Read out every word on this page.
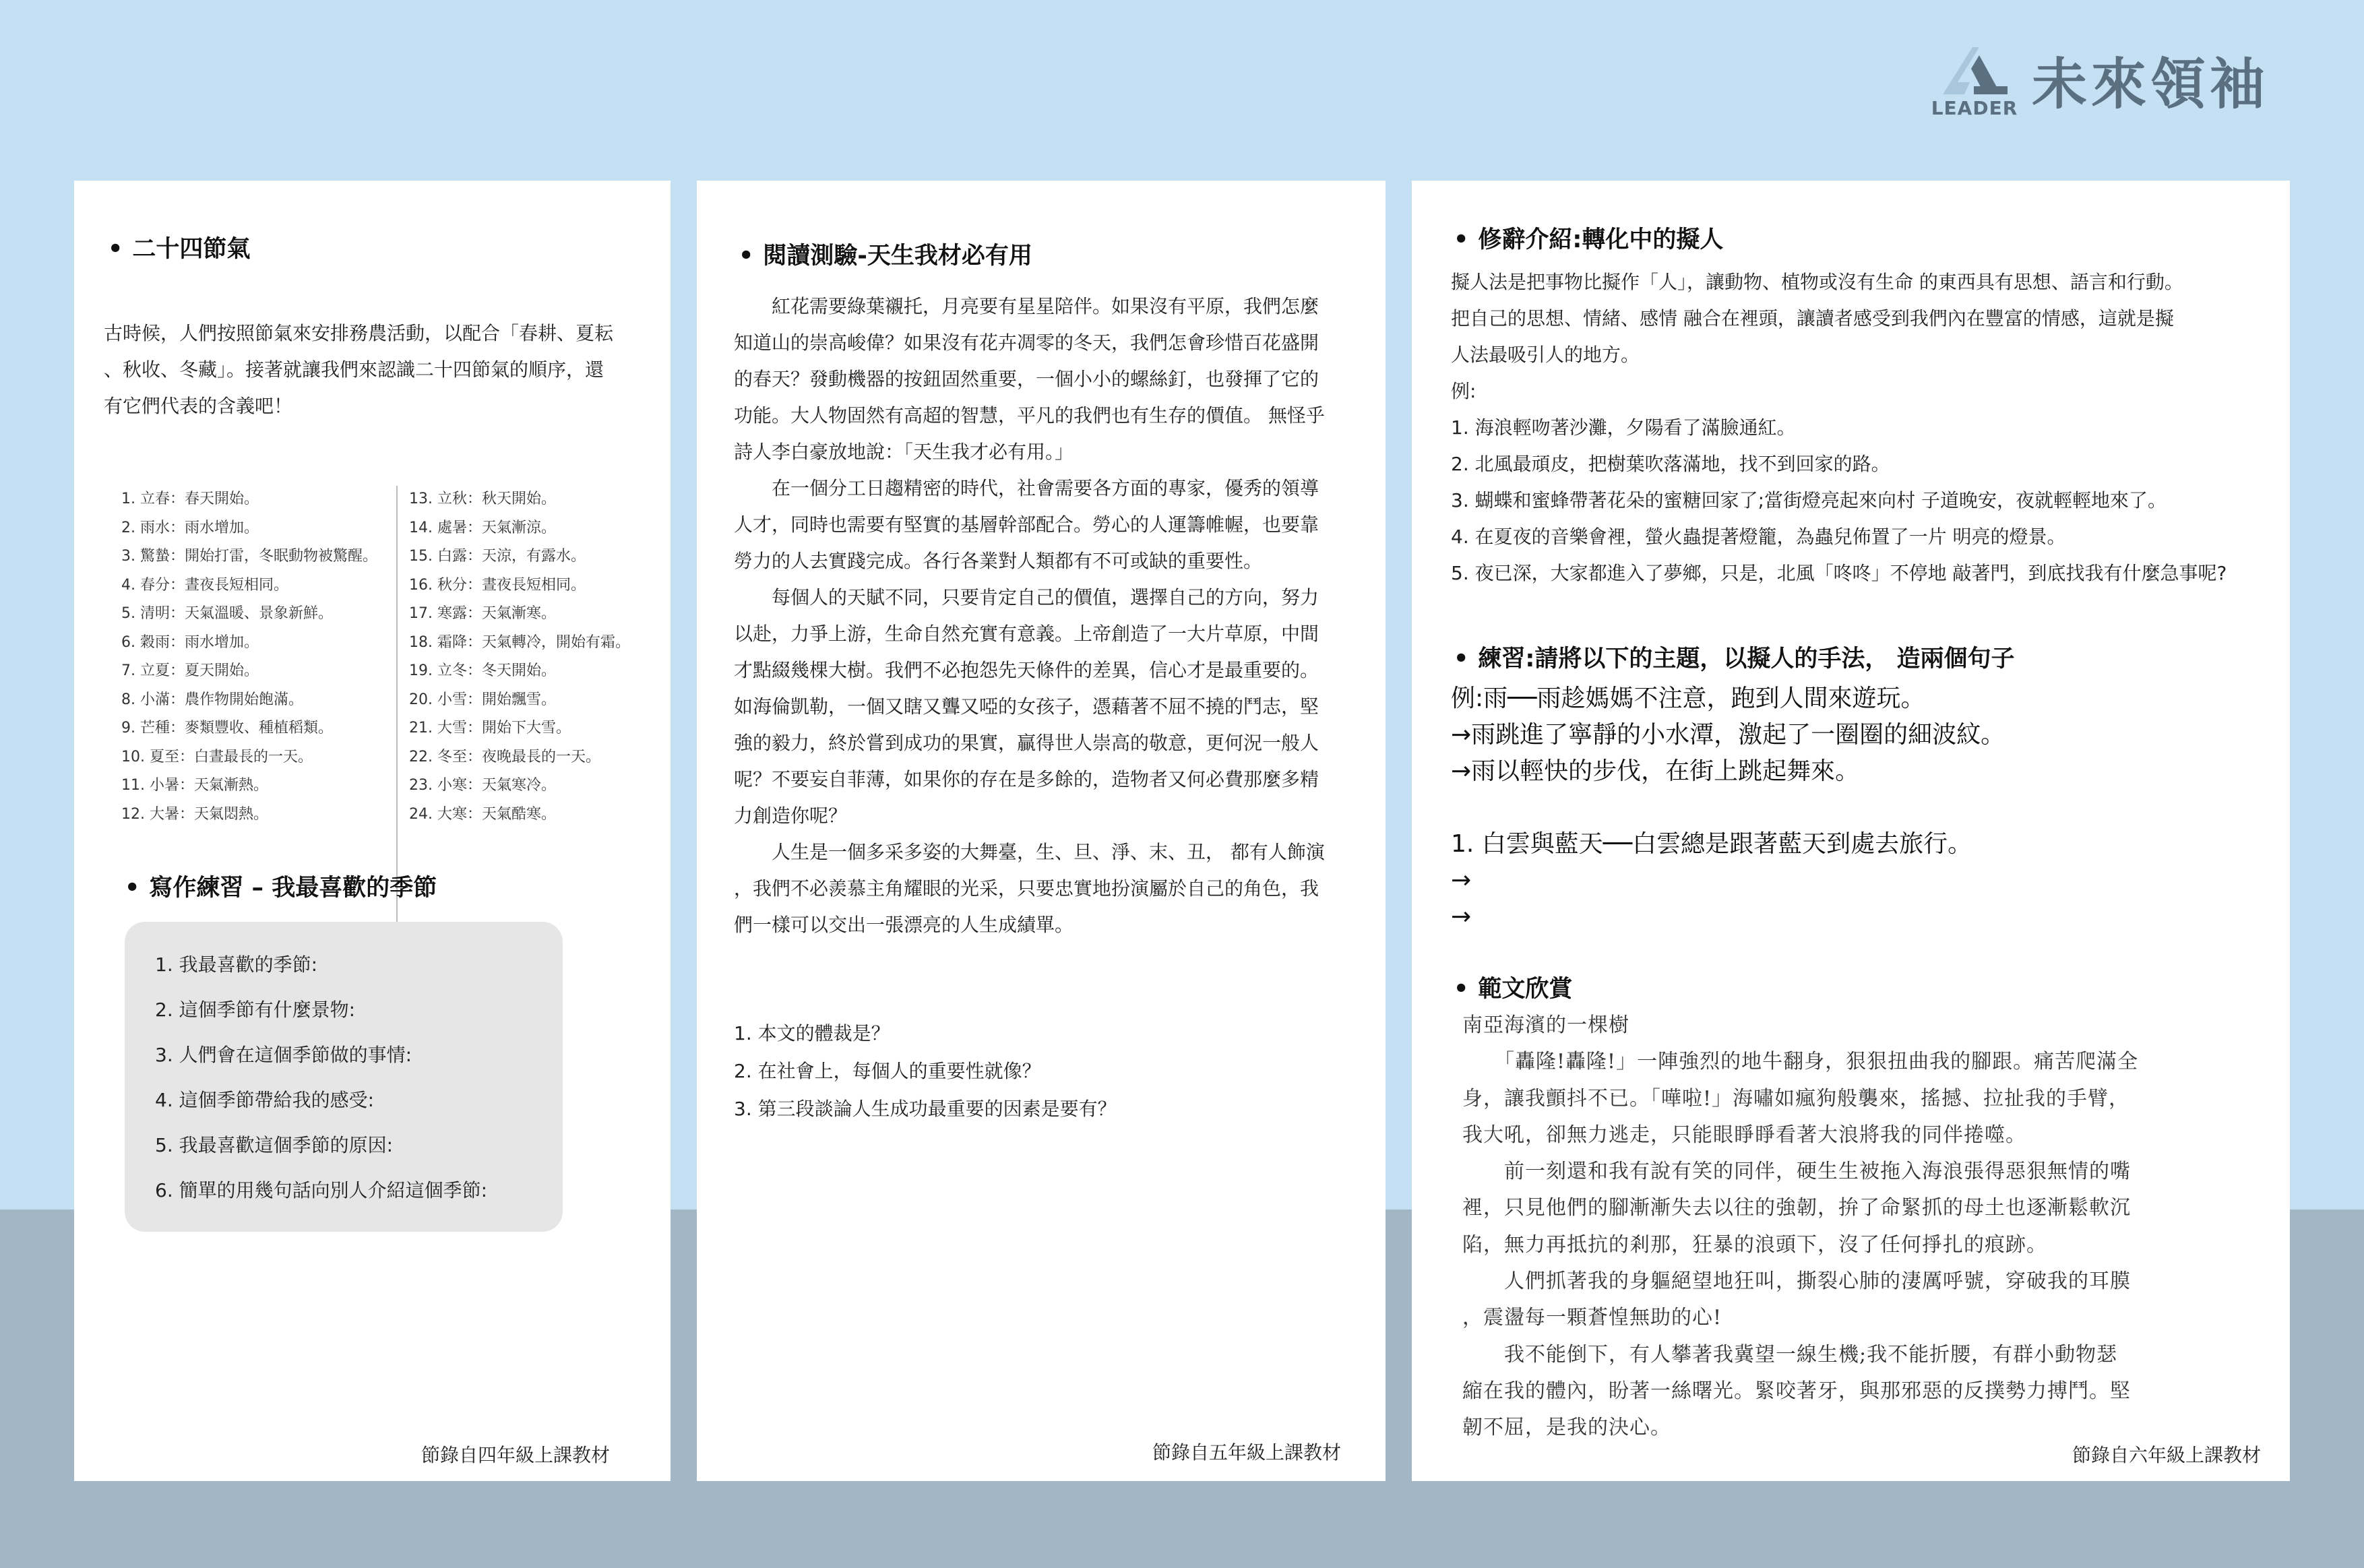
LEADER 未來領袖
• 二十四節氣
古時候，人們按照節氣來安排務農活動，以配合「春耕、夏耘
、秋收、冬藏」。接著就讓我們來認識二十四節氣的順序，還
有它們代表的含義吧！
1. 立春：春天開始。
2. 雨水：雨水增加。
3. 驚蟄：開始打雷，冬眠動物被驚醒。
4. 春分：晝夜長短相同。
5. 清明：天氣溫暖、景象新鮮。
6. 穀雨：雨水增加。
7. 立夏：夏天開始。
8. 小滿：農作物開始飽滿。
9. 芒種：麥類豐收、種植稻類。
10. 夏至：白晝最長的一天。
11. 小暑：天氣漸熱。
12. 大暑：天氣悶熱。
13. 立秋：秋天開始。
14. 處暑：天氣漸涼。
15. 白露：天涼，有露水。
16. 秋分：晝夜長短相同。
17. 寒露：天氣漸寒。
18. 霜降：天氣轉冷，開始有霜。
19. 立冬：冬天開始。
20. 小雪：開始飄雪。
21. 大雪：開始下大雪。
22. 冬至：夜晚最長的一天。
23. 小寒：天氣寒冷。
24. 大寒：天氣酷寒。
• 寫作練習 – 我最喜歡的季節
1. 我最喜歡的季節:
2. 這個季節有什麼景物:
3. 人們會在這個季節做的事情:
4. 這個季節帶給我的感受:
5. 我最喜歡這個季節的原因:
6. 簡單的用幾句話向別人介紹這個季節:
節錄自四年級上課教材
• 閱讀測驗-天生我材必有用
　　紅花需要綠葉襯托，月亮要有星星陪伴。如果沒有平原，我們怎麼
知道山的崇高峻偉？如果沒有花卉凋零的冬天，我們怎會珍惜百花盛開
的春天？發動機器的按鈕固然重要，一個小小的螺絲釘，也發揮了它的
功能。大人物固然有高超的智慧，平凡的我們也有生存的價值。 無怪乎
詩人李白豪放地說：「天生我才必有用。」
　　在一個分工日趨精密的時代，社會需要各方面的專家，優秀的領導
人才，同時也需要有堅實的基層幹部配合。勞心的人運籌帷幄，也要靠
勞力的人去實踐完成。各行各業對人類都有不可或缺的重要性。
　　每個人的天賦不同，只要肯定自己的價值，選擇自己的方向，努力
以赴，力爭上游，生命自然充實有意義。上帝創造了一大片草原，中間
才點綴幾棵大樹。我們不必抱怨先天條件的差異，信心才是最重要的。
如海倫凱勒，一個又瞎又聾又啞的女孩子，憑藉著不屈不撓的鬥志，堅
強的毅力，終於嘗到成功的果實，贏得世人崇高的敬意，更何況一般人
呢？不要妄自菲薄，如果你的存在是多餘的，造物者又何必費那麼多精
力創造你呢？
　　人生是一個多采多姿的大舞臺，生、旦、淨、末、丑， 都有人飾演
，我們不必羨慕主角耀眼的光采，只要忠實地扮演屬於自己的角色，我
們一樣可以交出一張漂亮的人生成績單。
1. 本文的體裁是？
2. 在社會上，每個人的重要性就像？
3. 第三段談論人生成功最重要的因素是要有？
節錄自五年級上課教材
• 修辭介紹:轉化中的擬人
擬人法是把事物比擬作「人」，讓動物、植物或沒有生命 的東西具有思想、語言和行動。
把自己的思想、情緒、感情 融合在裡頭，讓讀者感受到我們內在豐富的情感，這就是擬
人法最吸引人的地方。
例:
1. 海浪輕吻著沙灘，夕陽看了滿臉通紅。
2. 北風最頑皮，把樹葉吹落滿地，找不到回家的路。
3. 蝴蝶和蜜蜂帶著花朵的蜜糖回家了;當街燈亮起來向村 子道晚安，夜就輕輕地來了。
4. 在夏夜的音樂會裡，螢火蟲提著燈籠，為蟲兒佈置了一片 明亮的燈景。
5. 夜已深，大家都進入了夢鄉，只是，北風「咚咚」不停地 敲著門，到底找我有什麼急事呢?
• 練習:請將以下的主題，以擬人的手法， 造兩個句子
例:雨──雨趁媽媽不注意，跑到人間來遊玩。
→雨跳進了寧靜的小水潭，激起了一圈圈的細波紋。
→雨以輕快的步伐，在街上跳起舞來。
1. 白雲與藍天──白雲總是跟著藍天到處去旅行。
→
→
• 範文欣賞
南亞海濱的一棵樹
　　「轟隆!轟隆!」一陣強烈的地牛翻身，狠狠扭曲我的腳跟。痛苦爬滿全
身，讓我顫抖不已。「嘩啦!」海嘯如瘋狗般襲來，搖撼、拉扯我的手臂，
我大吼，卻無力逃走，只能眼睜睜看著大浪將我的同伴捲噬。
　　前一刻還和我有說有笑的同伴，硬生生被拖入海浪張得惡狠無情的嘴
裡，只見他們的腳漸漸失去以往的強韌，拚了命緊抓的母土也逐漸鬆軟沉
陷，無力再抵抗的剎那，狂暴的浪頭下，沒了任何掙扎的痕跡。
　　人們抓著我的身軀絕望地狂叫，撕裂心肺的淒厲呼號，穿破我的耳膜
，震盪每一顆蒼惶無助的心!
　　我不能倒下，有人攀著我冀望一線生機;我不能折腰，有群小動物瑟
縮在我的體內，盼著一絲曙光。緊咬著牙，與那邪惡的反撲勢力搏鬥。堅
韌不屈，是我的決心。
節錄自六年級上課教材
